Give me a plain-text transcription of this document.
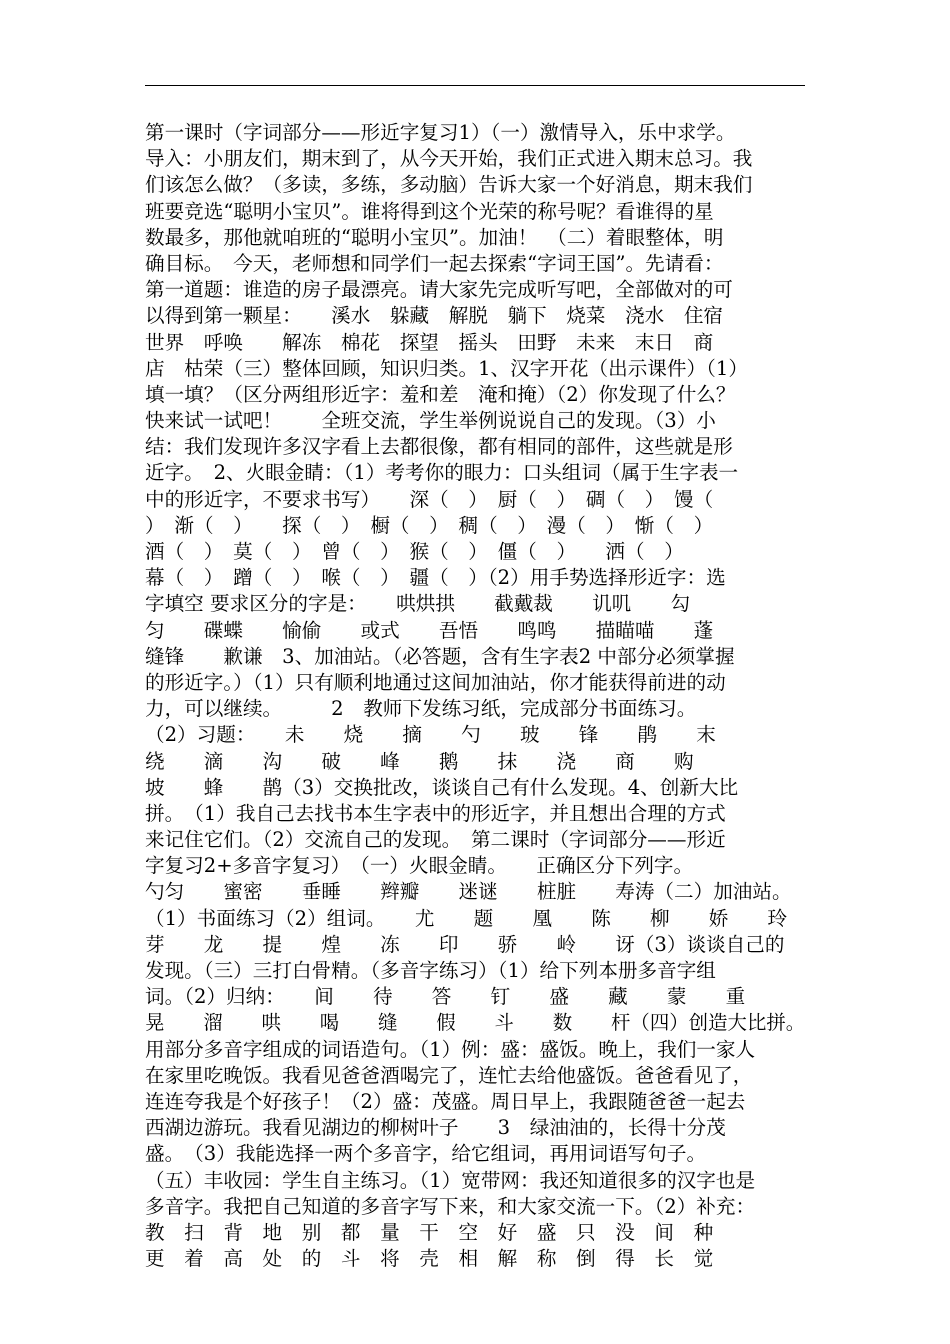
第一课时（字词部分——形近字复习1）（一）激情导入，乐中求学。
导入：小朋友们，期末到了，从今天开始，我们正式进入期末总习。我
们该怎么做？（多读，多练，多动脑）告诉大家一个好消息，期末我们
班要竞选“聪明小宝贝”。谁将得到这个光荣的称号呢？看谁得的星
数最多，那他就咱班的“聪明小宝贝”。加油！　（二）着眼整体，明
确目标。　今天，老师想和同学们一起去探索“字词王国”。先请看：
第一道题：谁造的房子最漂亮。请大家先完成听写吧，全部做对的可
以得到第一颗星：　　溪水　躲藏　解脱　躺下　烧菜　浇水　住宿
世界　呼唤　　解冻　棉花　探望　摇头　田野　未来　末日　商
店　枯荣（三）整体回顾，知识归类。1、汉字开花（出示课件）（1）
填一填？（区分两组形近字：羞和差　淹和掩）（2）你发现了什么？
快来试一试吧！　　全班交流，学生举例说说自己的发现。（3）小
结：我们发现许多汉字看上去都很像，都有相同的部件，这些就是形
近字。　2、火眼金睛：（1）考考你的眼力：口头组词（属于生字表一
中的形近字，不要求书写）　　深（　）　厨（　）　碉（　）　馒（
）　渐（　）　　探（　）　橱（　）　稠（　）　漫（　）　惭（　）
酒（　）　莫（　）　曾（　）　猴（　）　僵（　）　　洒（　）
幕（　）　蹭（　）　喉（　）　疆（　）（2）用手势选择形近字：选
字填空 要求区分的字是：　　哄烘拱　　截戴裁　　讥叽　　勾
匀　　碟蝶　　愉偷　　或式　　吾悟　　鸣鸣　　描瞄喵　　蓬
缝锋　　歉谦　3、加油站。（必答题，含有生字表2 中部分必须掌握
的形近字。）（1）只有顺利地通过这间加油站，你才能获得前进的动
力，可以继续。　　　2　教师下发练习纸，完成部分书面练习。
（2）习题：　　未　　烧　　摘　　勺　　玻　　锋　　鹃　　末
绕　　滴　　沟　　破　　峰　　鹅　　抹　　浇　　商　　购
坡　　蜂　　鹊（3）交换批改，谈谈自己有什么发现。4、创新大比
拼。　（1）我自己去找书本生字表中的形近字，并且想出合理的方式
来记住它们。（2）交流自己的发现。　第二课时（字词部分——形近
字复习2+多音字复习）　（一）火眼金睛。　　正确区分下列字。
勺匀　　蜜密　　垂睡　　辫瓣　　迷谜　　桩脏　　寿涛（二）加油站。
（1）书面练习（2）组词。　　尤　　题　　凰　　陈　　柳　　娇　　玲
芽　　龙　　提　　煌　　冻　　印　　骄　　岭　　讶（3）谈谈自己的
发现。（三）三打白骨精。（多音字练习）（1）给下列本册多音字组
词。（2）归纳：　　间　　待　　答　　钉　　盛　　藏　　蒙　　重
晃　　溜　　哄　　喝　　缝　　假　　斗　　数　　杆（四）创造大比拼。
用部分多音字组成的词语造句。（1）例：盛：盛饭。晚上，我们一家人
在家里吃晚饭。我看见爸爸酒喝完了，连忙去给他盛饭。爸爸看见了，
连连夸我是个好孩子！（2）盛：茂盛。周日早上，我跟随爸爸一起去
西湖边游玩。我看见湖边的柳树叶子　　3　绿油油的，长得十分茂
盛。　（3）我能选择一两个多音字，给它组词，再用词语写句子。
（五）丰收园：学生自主练习。（1）宽带网：我还知道很多的汉字也是
多音字。我把自己知道的多音字写下来，和大家交流一下。（2）补充：
教　扫　背　地　别　都　量　干　空　好　盛　只　没　间　种
更　着　高　处　的　斗　将　壳　相　解　称　倒　得　长　觉
